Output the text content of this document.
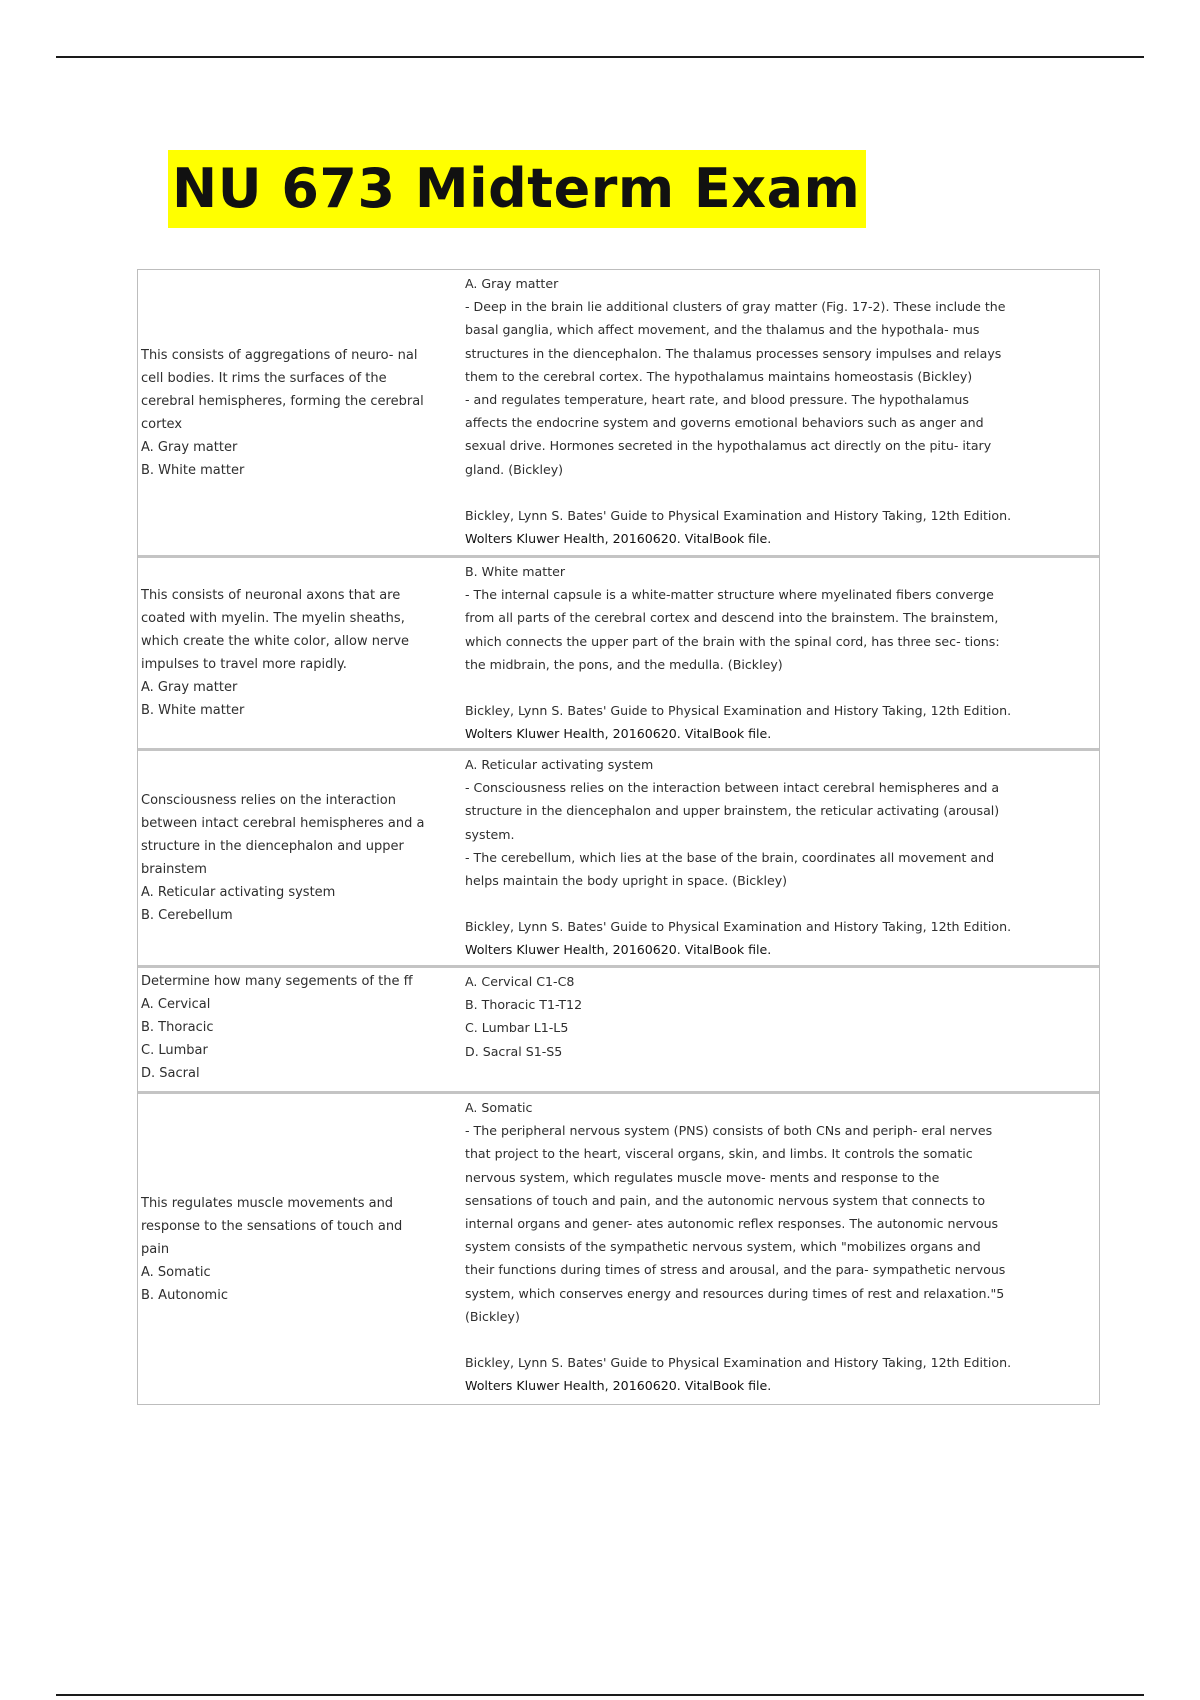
NU 673 Midterm Exam
This consists of aggregations of neuro- nal
cell bodies. It rims the surfaces of the
cerebral hemispheres, forming the cerebral
cortex
A. Gray matter
B. White matter
A. Gray matter
- Deep in the brain lie additional clusters of gray matter (Fig. 17-2). These include the
basal ganglia, which affect movement, and the thalamus and the hypothala- mus
structures in the diencephalon. The thalamus processes sensory impulses and relays
them to the cerebral cortex. The hypothalamus maintains homeostasis (Bickley)
- and regulates temperature, heart rate, and blood pressure. The hypothalamus
affects the endocrine system and governs emotional behaviors such as anger and
sexual drive. Hormones secreted in the hypothalamus act directly on the pitu- itary
gland. (Bickley)
Bickley, Lynn S. Bates' Guide to Physical Examination and History Taking, 12th Edition.
Wolters Kluwer Health, 20160620. VitalBook file.
This consists of neuronal axons that are
coated with myelin. The myelin sheaths,
which create the white color, allow nerve
impulses to travel more rapidly.
A. Gray matter
B. White matter
B. White matter
- The internal capsule is a white-matter structure where myelinated fibers converge
from all parts of the cerebral cortex and descend into the brainstem. The brainstem,
which connects the upper part of the brain with the spinal cord, has three sec- tions:
the midbrain, the pons, and the medulla. (Bickley)
Bickley, Lynn S. Bates' Guide to Physical Examination and History Taking, 12th Edition.
Wolters Kluwer Health, 20160620. VitalBook file.
Consciousness relies on the interaction
between intact cerebral hemispheres and a
structure in the diencephalon and upper
brainstem
A. Reticular activating system
B. Cerebellum
A. Reticular activating system
- Consciousness relies on the interaction between intact cerebral hemispheres and a
structure in the diencephalon and upper brainstem, the reticular activating (arousal)
system.
- The cerebellum, which lies at the base of the brain, coordinates all movement and
helps maintain the body upright in space. (Bickley)
Bickley, Lynn S. Bates' Guide to Physical Examination and History Taking, 12th Edition.
Wolters Kluwer Health, 20160620. VitalBook file.
Determine how many segements of the ff
A. Cervical
B. Thoracic
C. Lumbar
D. Sacral
A. Cervical C1-C8
B. Thoracic T1-T12
C. Lumbar L1-L5
D. Sacral S1-S5
This regulates muscle movements and
response to the sensations of touch and
pain
A. Somatic
B. Autonomic
A. Somatic
- The peripheral nervous system (PNS) consists of both CNs and periph- eral nerves
that project to the heart, visceral organs, skin, and limbs. It controls the somatic
nervous system, which regulates muscle move- ments and response to the
sensations of touch and pain, and the autonomic nervous system that connects to
internal organs and gener- ates autonomic reflex responses. The autonomic nervous
system consists of the sympathetic nervous system, which "mobilizes organs and
their functions during times of stress and arousal, and the para- sympathetic nervous
system, which conserves energy and resources during times of rest and relaxation."5
(Bickley)
Bickley, Lynn S. Bates' Guide to Physical Examination and History Taking, 12th Edition.
Wolters Kluwer Health, 20160620. VitalBook file.
